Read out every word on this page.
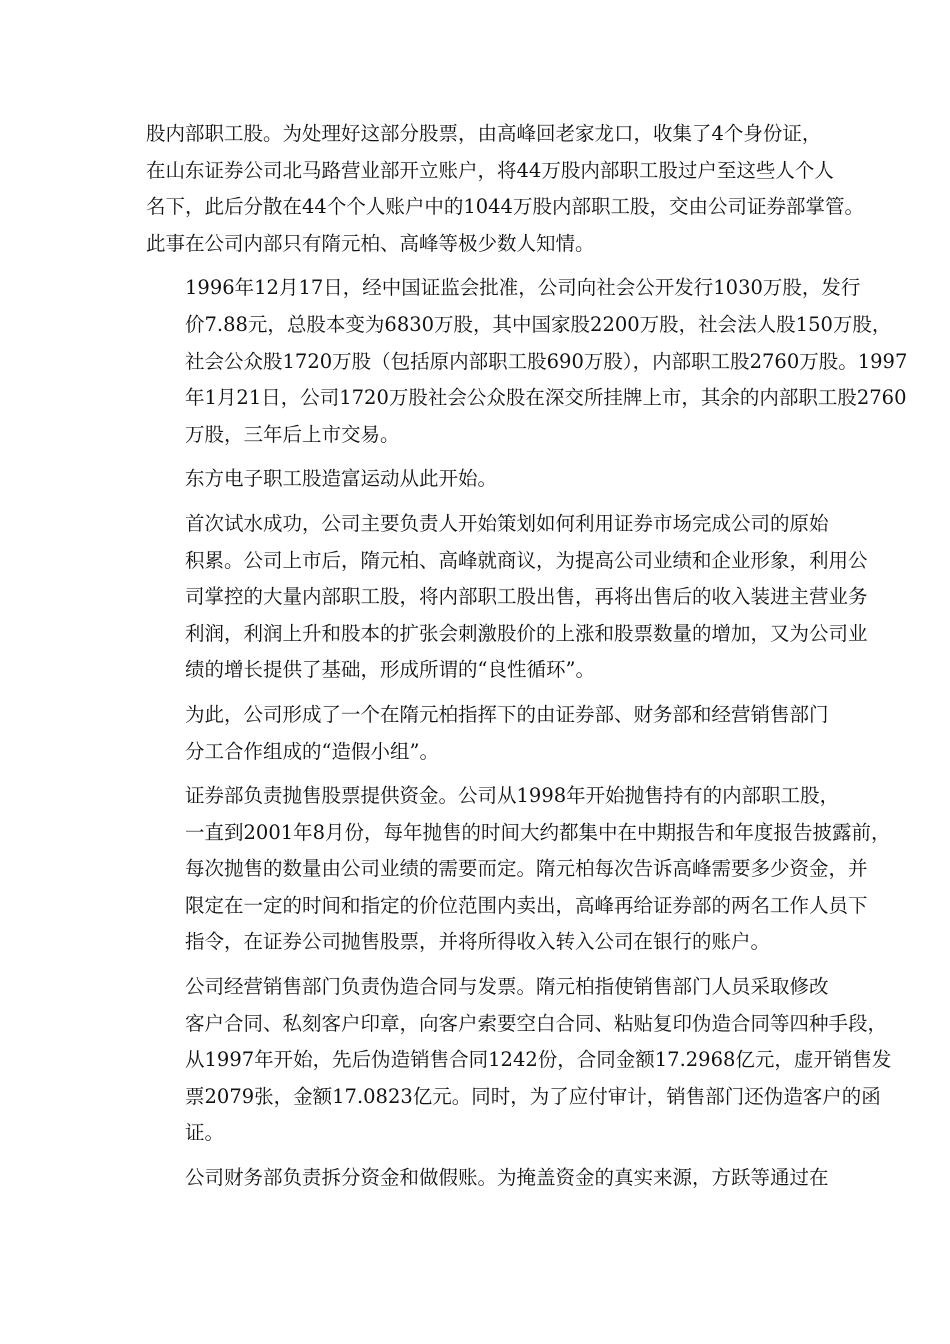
股内部职工股。为处理好这部分股票，由高峰回老家龙口，收集了4个身份证，
在山东证券公司北马路营业部开立账户，将44万股内部职工股过户至这些人个人
名下，此后分散在44个个人账户中的1044万股内部职工股，交由公司证券部掌管。
此事在公司内部只有隋元柏、高峰等极少数人知情。

1996年12月17日，经中国证监会批准，公司向社会公开发行1030万股，发行
价7.88元，总股本变为6830万股，其中国家股2200万股，社会法人股150万股，
社会公众股1720万股（包括原内部职工股690万股），内部职工股2760万股。1997
年1月21日，公司1720万股社会公众股在深交所挂牌上市，其余的内部职工股2760
万股，三年后上市交易。

东方电子职工股造富运动从此开始。

首次试水成功，公司主要负责人开始策划如何利用证券市场完成公司的原始
积累。公司上市后，隋元柏、高峰就商议，为提高公司业绩和企业形象，利用公
司掌控的大量内部职工股，将内部职工股出售，再将出售后的收入装进主营业务
利润，利润上升和股本的扩张会刺激股价的上涨和股票数量的增加，又为公司业
绩的增长提供了基础，形成所谓的“良性循环”。

为此，公司形成了一个在隋元柏指挥下的由证券部、财务部和经营销售部门
分工合作组成的“造假小组”。

证券部负责抛售股票提供资金。公司从1998年开始抛售持有的内部职工股，
一直到2001年8月份，每年抛售的时间大约都集中在中期报告和年度报告披露前，
每次抛售的数量由公司业绩的需要而定。隋元柏每次告诉高峰需要多少资金，并
限定在一定的时间和指定的价位范围内卖出，高峰再给证券部的两名工作人员下
指令，在证券公司抛售股票，并将所得收入转入公司在银行的账户。

公司经营销售部门负责伪造合同与发票。隋元柏指使销售部门人员采取修改
客户合同、私刻客户印章，向客户索要空白合同、粘贴复印伪造合同等四种手段，
从1997年开始，先后伪造销售合同1242份，合同金额17.2968亿元，虚开销售发
票2079张，金额17.0823亿元。同时，为了应付审计，销售部门还伪造客户的函
证。

公司财务部负责拆分资金和做假账。为掩盖资金的真实来源，方跃等通过在
